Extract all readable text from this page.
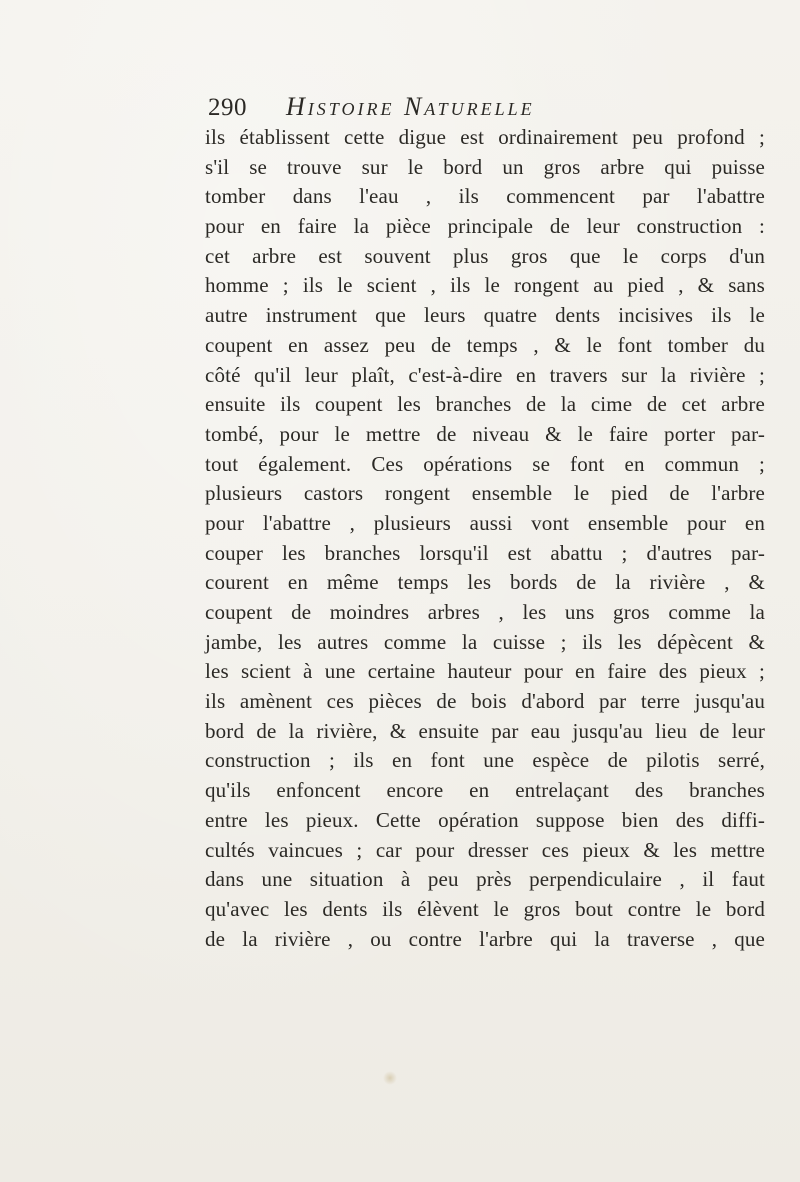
290 Histoire Naturelle
ils établissent cette digue est ordinairement peu profond ;
s'il se trouve sur le bord un gros arbre qui puisse
tomber dans l'eau , ils commencent par l'abattre
pour en faire la pièce principale de leur construction :
cet arbre est souvent plus gros que le corps d'un
homme ; ils le scient , ils le rongent au pied , & sans
autre instrument que leurs quatre dents incisives ils le
coupent en assez peu de temps , & le font tomber du
côté qu'il leur plaît, c'est-à-dire en travers sur la rivière ;
ensuite ils coupent les branches de la cime de cet arbre
tombé, pour le mettre de niveau & le faire porter par-
tout également. Ces opérations se font en commun ;
plusieurs castors rongent ensemble le pied de l'arbre
pour l'abattre , plusieurs aussi vont ensemble pour en
couper les branches lorsqu'il est abattu ; d'autres par-
courent en même temps les bords de la rivière , &
coupent de moindres arbres , les uns gros comme la
jambe, les autres comme la cuisse ; ils les dépècent &
les scient à une certaine hauteur pour en faire des pieux ;
ils amènent ces pièces de bois d'abord par terre jusqu'au
bord de la rivière, & ensuite par eau jusqu'au lieu de leur
construction ; ils en font une espèce de pilotis serré,
qu'ils enfoncent encore en entrelaçant des branches
entre les pieux. Cette opération suppose bien des diffi-
cultés vaincues ; car pour dresser ces pieux & les mettre
dans une situation à peu près perpendiculaire , il faut
qu'avec les dents ils élèvent le gros bout contre le bord
de la rivière , ou contre l'arbre qui la traverse , que
